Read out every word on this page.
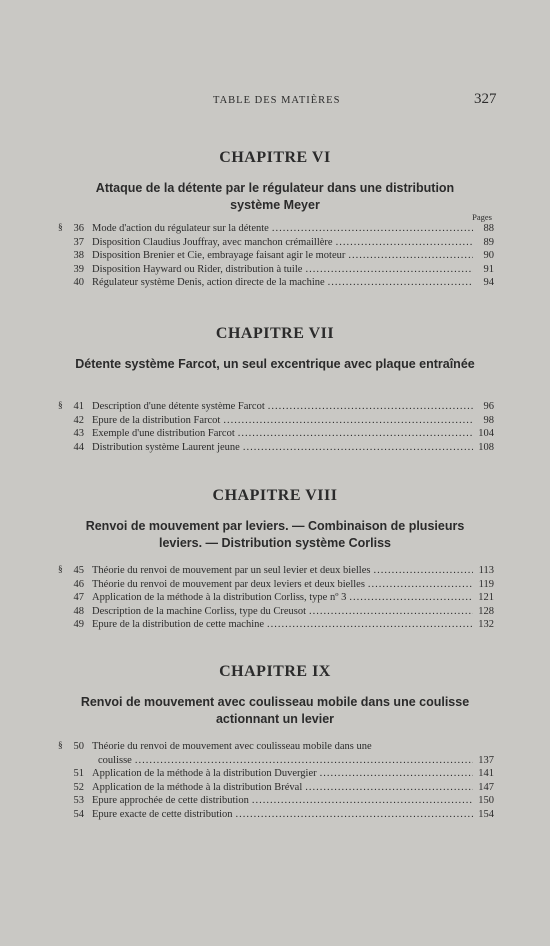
TABLE DES MATIÈRES	327
CHAPITRE VI

Attaque de la détente par le régulateur dans une distribution système Meyer

Pages
§	36 Mode d'action du régulateur sur la détente .....	88
37 Disposition Claudius Jouffray, avec manchon crémaillère .....	89
38 Disposition Brenier et Cie, embrayage faisant agir le moteur .....	90
39 Disposition Hayward ou Rider, distribution à tuile .....	91
40 Régulateur système Denis, action directe de la machine .....	94
CHAPITRE VII

Détente système Farcot, un seul excentrique avec plaque entraînée

§	41 Description d'une détente système Farcot .....	96
42 Epure de la distribution Farcot .....	98
43 Exemple d'une distribution Farcot .....	104
44 Distribution système Laurent jeune .....	108
CHAPITRE VIII

Renvoi de mouvement par leviers. — Combinaison de plusieurs leviers. — Distribution système Corliss

§	45 Théorie du renvoi de mouvement par un seul levier et deux bielles .....	113
46 Théorie du renvoi de mouvement par deux leviers et deux bielles .....	119
47 Application de la méthode à la distribution Corliss, type nº 3 .....	121
48 Description de la machine Corliss, type du Creusot .....	128
49 Epure de la distribution de cette machine .....	132
CHAPITRE IX

Renvoi de mouvement avec coulisseau mobile dans une coulisse actionnant un levier

§	50 Théorie du renvoi de mouvement avec coulisseau mobile dans une
coulisse .....	137
51 Application de la méthode à la distribution Duvergier .....	141
52 Application de la méthode à la distribution Bréval .....	147
53 Epure approchée de cette distribution .....	150
54 Epure exacte de cette distribution .....	154
